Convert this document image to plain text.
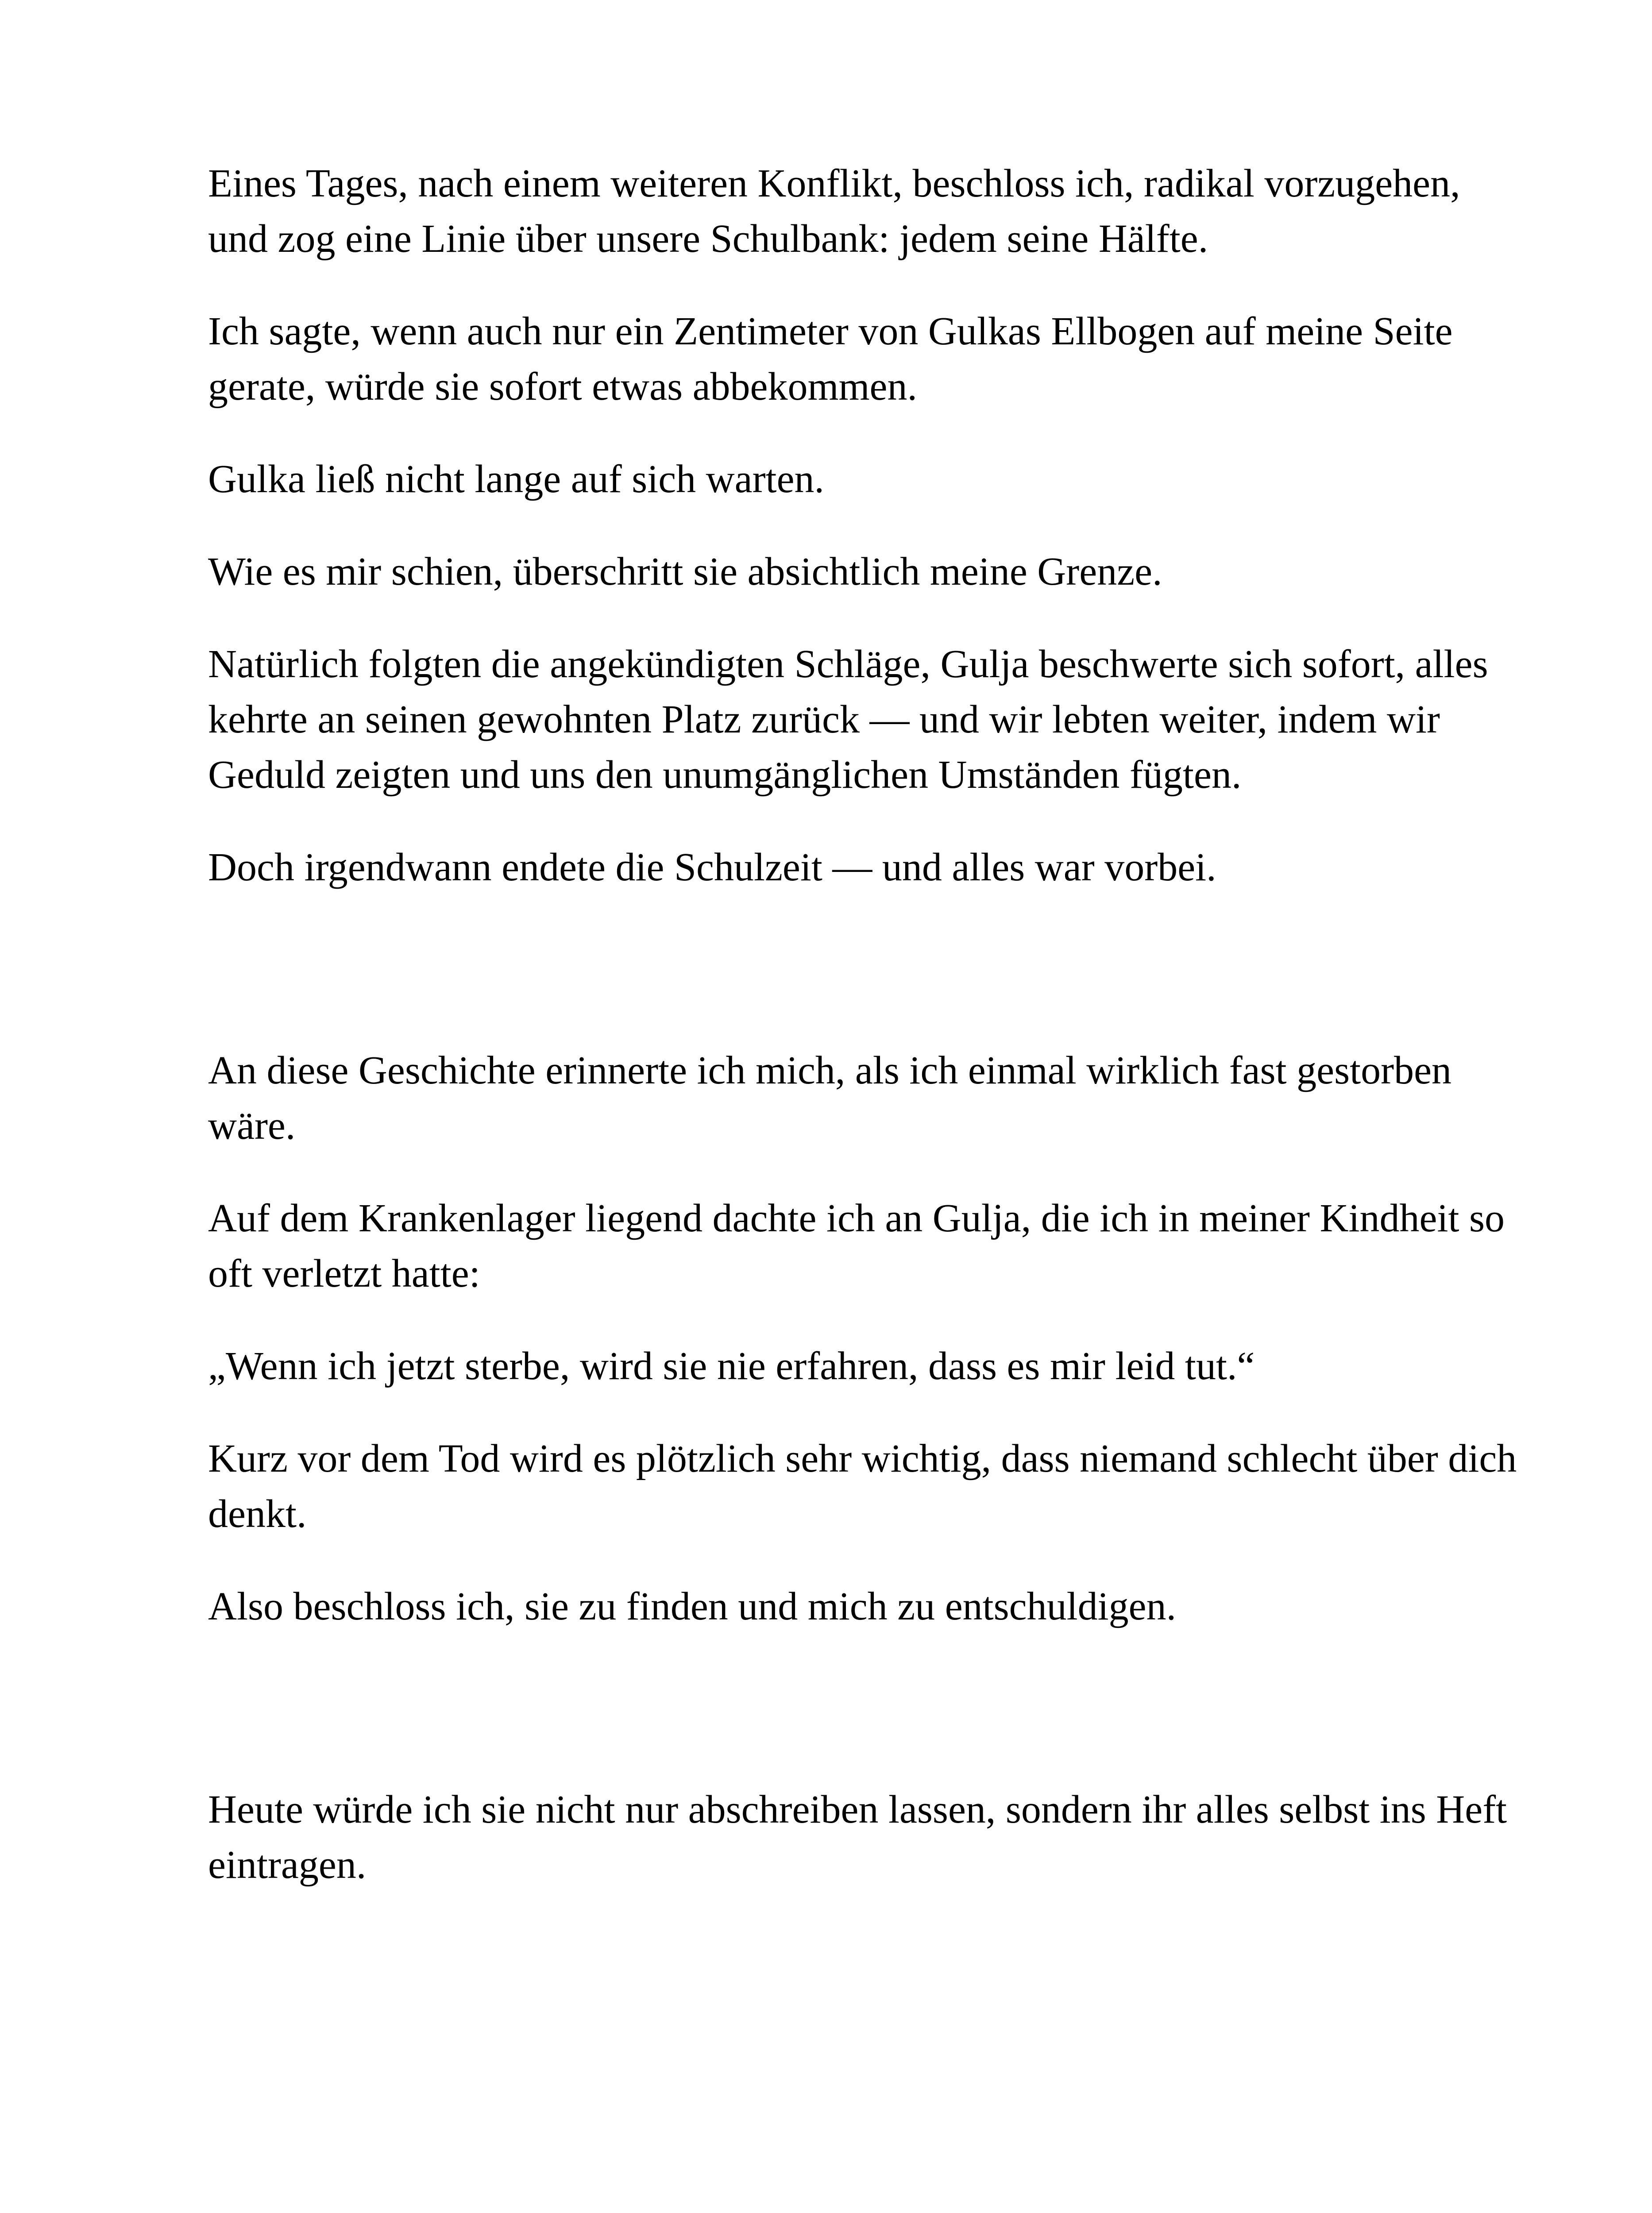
Eines Tages, nach einem weiteren Konflikt, beschloss ich, radikal vorzugehen, und zog eine Linie über unsere Schulbank: jedem seine Hälfte.

Ich sagte, wenn auch nur ein Zentimeter von Gulkas Ellbogen auf meine Seite gerate, würde sie sofort etwas abbekommen.

Gulka ließ nicht lange auf sich warten.

Wie es mir schien, überschritt sie absichtlich meine Grenze.

Natürlich folgten die angekündigten Schläge, Gulja beschwerte sich sofort, alles kehrte an seinen gewohnten Platz zurück — und wir lebten weiter, indem wir Geduld zeigten und uns den unumgänglichen Umständen fügten.

Doch irgendwann endete die Schulzeit — und alles war vorbei.

An diese Geschichte erinnerte ich mich, als ich einmal wirklich fast gestorben wäre.

Auf dem Krankenlager liegend dachte ich an Gulja, die ich in meiner Kindheit so oft verletzt hatte:

„Wenn ich jetzt sterbe, wird sie nie erfahren, dass es mir leid tut.“

Kurz vor dem Tod wird es plötzlich sehr wichtig, dass niemand schlecht über dich denkt.

Also beschloss ich, sie zu finden und mich zu entschuldigen.

Heute würde ich sie nicht nur abschreiben lassen, sondern ihr alles selbst ins Heft eintragen.
